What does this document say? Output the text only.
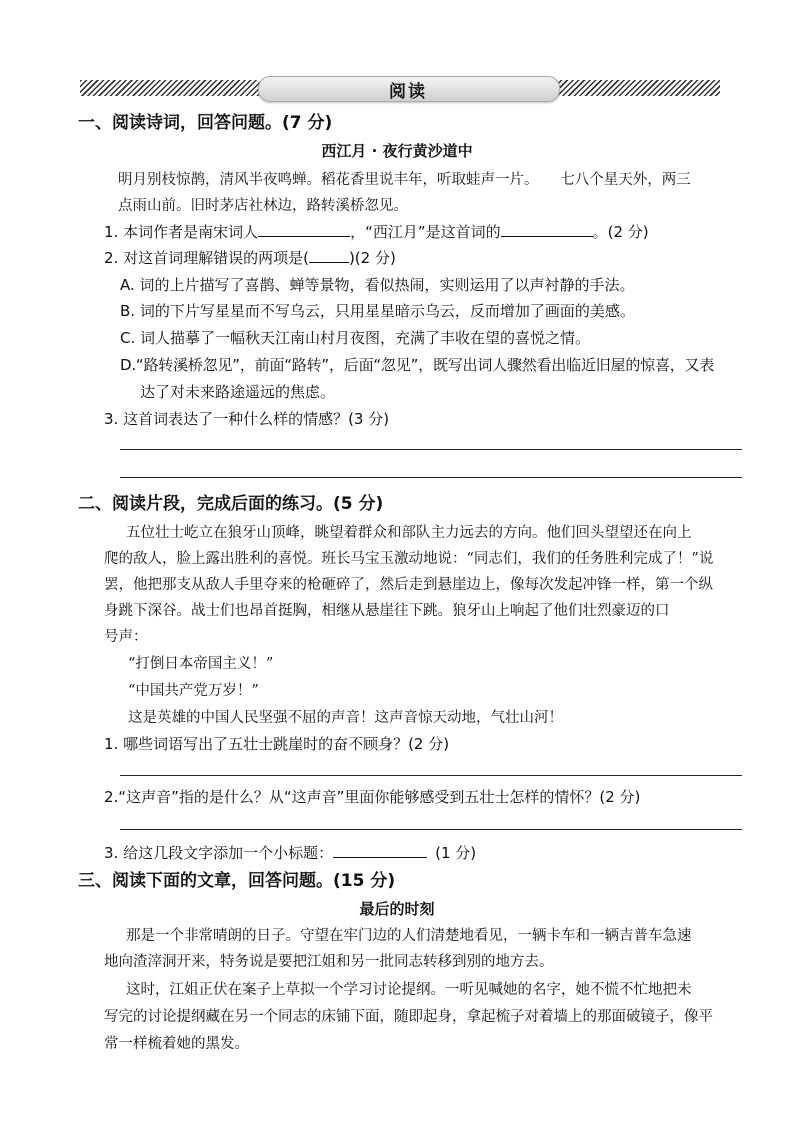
阅读
一、阅读诗词，回答问题。(7 分)
西江月 · 夜行黄沙道中
明月别枝惊鹊，清风半夜鸣蝉。稻花香里说丰年，听取蛙声一片。　　七八个星天外，两三
点雨山前。旧时茅店社林边，路转溪桥忽见。
1. 本词作者是南宋词人	，“西江月”是这首词的	。(2 分)
2. 对这首词理解错误的两项是(	)(2 分)
A. 词的上片描写了喜鹊、蝉等景物，看似热闹，实则运用了以声衬静的手法。
B. 词的下片写星星而不写乌云，只用星星暗示乌云，反而增加了画面的美感。
C. 词人描摹了一幅秋天江南山村月夜图，充满了丰收在望的喜悦之情。
D.“路转溪桥忽见”，前面“路转”，后面“忽见”，既写出词人骤然看出临近旧屋的惊喜，又表
达了对未来路途遥远的焦虑。
3. 这首词表达了一种什么样的情感？(3 分)
二、阅读片段，完成后面的练习。(5 分)
五位壮士屹立在狼牙山顶峰，眺望着群众和部队主力远去的方向。他们回头望望还在向上
爬的敌人，脸上露出胜利的喜悦。班长马宝玉激动地说：“同志们，我们的任务胜利完成了！”说
罢，他把那支从敌人手里夺来的枪砸碎了，然后走到悬崖边上，像每次发起冲锋一样，第一个纵
身跳下深谷。战士们也昂首挺胸，相继从悬崖往下跳。狼牙山上响起了他们壮烈豪迈的口
号声：
“打倒日本帝国主义！”
“中国共产党万岁！”
这是英雄的中国人民坚强不屈的声音！这声音惊天动地，气壮山河！
1. 哪些词语写出了五壮士跳崖时的奋不顾身？(2 分)
2.“这声音”指的是什么？从“这声音”里面你能够感受到五壮士怎样的情怀？(2 分)
3. 给这几段文字添加一个小标题：	(1 分)
三、阅读下面的文章，回答问题。(15 分)
最后的时刻
那是一个非常晴朗的日子。守望在牢门边的人们清楚地看见，一辆卡车和一辆吉普车急速
地向渣滓洞开来，特务说是要把江姐和另一批同志转移到别的地方去。
这时，江姐正伏在案子上草拟一个学习讨论提纲。一听见喊她的名字，她不慌不忙地把未
写完的讨论提纲藏在另一个同志的床铺下面，随即起身，拿起梳子对着墙上的那面破镜子，像平
常一样梳着她的黑发。
